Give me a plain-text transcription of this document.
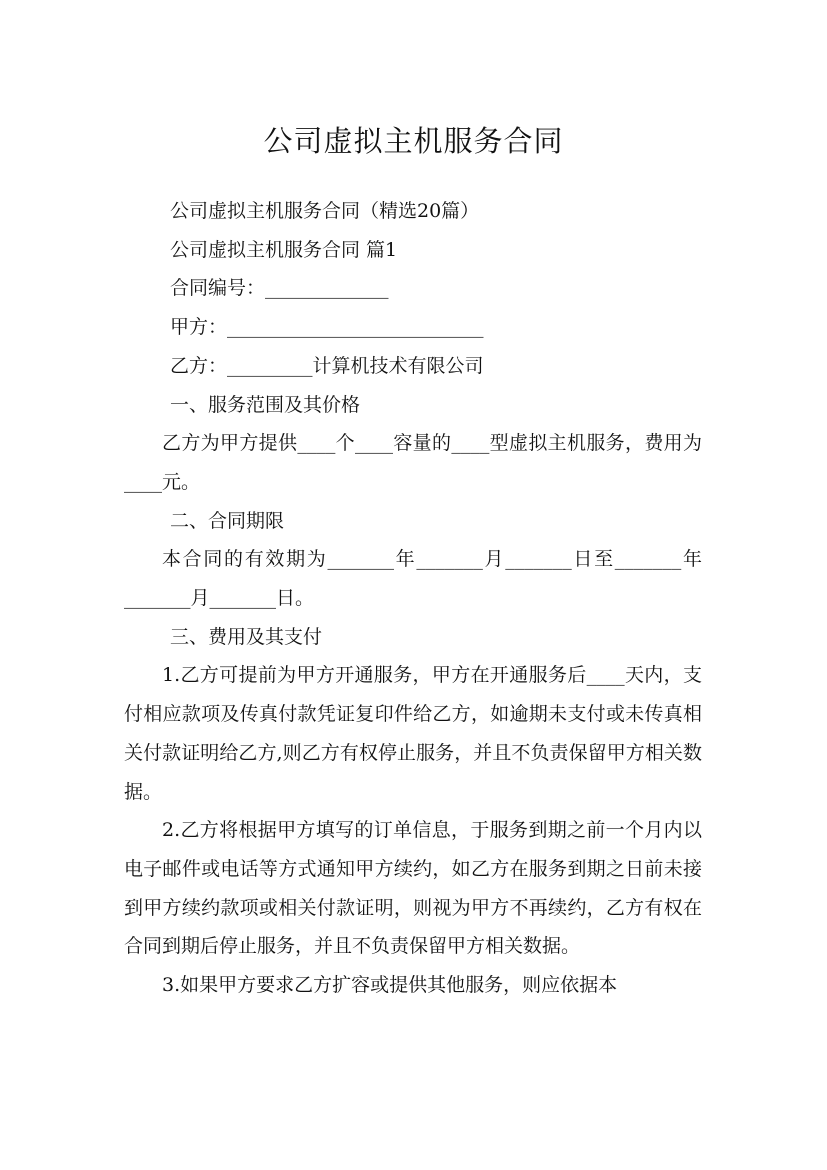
公司虚拟主机服务合同

公司虚拟主机服务合同（精选20篇）

公司虚拟主机服务合同 篇1

合同编号：_____________

甲方：___________________________

乙方：_________计算机技术有限公司

一、服务范围及其价格

乙方为甲方提供____个____容量的____型虚拟主机服务，费用为____元。

二、合同期限

本合同的有效期为_______年_______月_______日至_______年_______月_______日。

三、费用及其支付

1.乙方可提前为甲方开通服务，甲方在开通服务后____天内，支付相应款项及传真付款凭证复印件给乙方，如逾期未支付或未传真相关付款证明给乙方,则乙方有权停止服务，并且不负责保留甲方相关数据。

2.乙方将根据甲方填写的订单信息，于服务到期之前一个月内以电子邮件或电话等方式通知甲方续约，如乙方在服务到期之日前未接到甲方续约款项或相关付款证明，则视为甲方不再续约，乙方有权在合同到期后停止服务，并且不负责保留甲方相关数据。

3.如果甲方要求乙方扩容或提供其他服务，则应依据本
